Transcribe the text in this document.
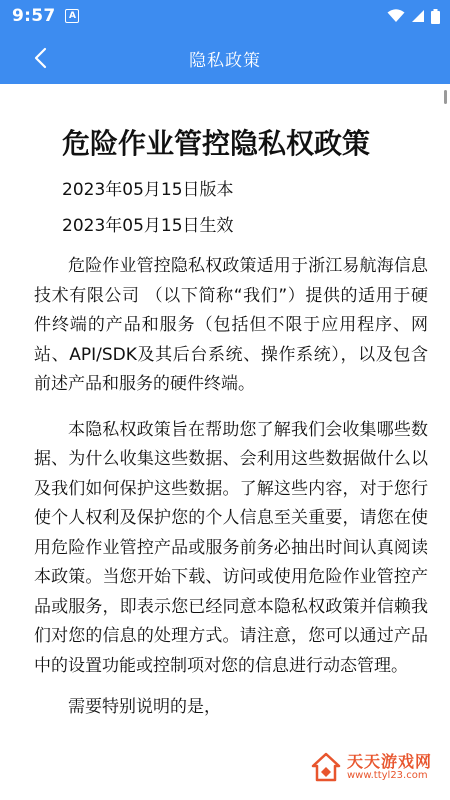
9:57	A
隐私政策
危险作业管控隐私权政策
2023年05月15日版本
2023年05月15日生效

危险作业管控隐私权政策适用于浙江易航海信息技术有限公司 （以下简称“我们”）提供的适用于硬件终端的产品和服务（包括但不限于应用程序、网站、API/SDK及其后台系统、操作系统），以及包含前述产品和服务的硬件终端。

本隐私权政策旨在帮助您了解我们会收集哪些数据、为什么收集这些数据、会利用这些数据做什么以及我们如何保护这些数据。了解这些内容，对于您行使个人权利及保护您的个人信息至关重要，请您在使用危险作业管控产品或服务前务必抽出时间认真阅读本政策。当您开始下载、访问或使用危险作业管控产品或服务，即表示您已经同意本隐私权政策并信赖我们对您的信息的处理方式。请注意，您可以通过产品中的设置功能或控制项对您的信息进行动态管理。

需要特别说明的是，

天天游戏网
www.ttyl23.com
